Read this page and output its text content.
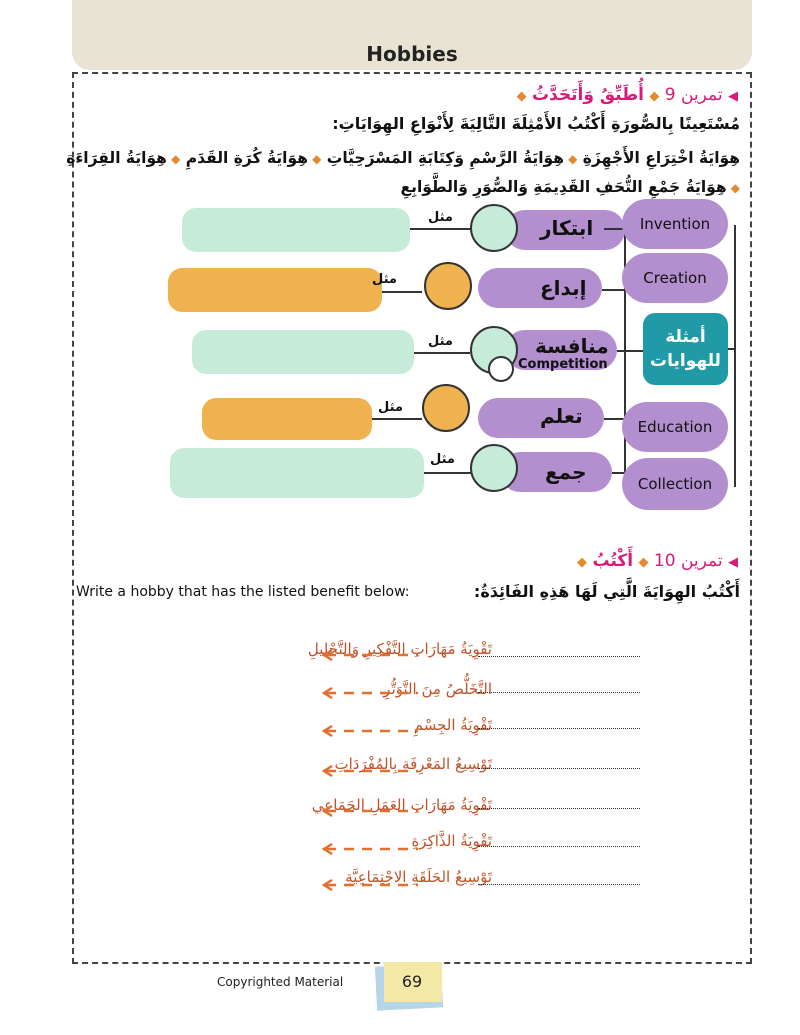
Hobbies
◀ تمرين 9 ◆ أُطَبِّقُ وَأَتَحَدَّثُ ◆
مُسْتَعِينًا بِالصُّورَةِ أَكْتُبُ الأَمْثِلَةَ التَّالِيَةَ لِأَنْوَاعِ الهِوَايَاتِ:
هِوَايَةُ اخْتِرَاعِ الأَجْهِزَةِ ◆ هِوَايَةُ الرَّسْمِ وَكِتَابَةِ المَسْرَحِيَّاتِ ◆ هِوَايَةُ كُرَةِ القَدَمِ ◆ هِوَايَةُ القِرَاءَةِ ◆ هِوَايَةُ جَمْعِ التُّحَفِ القَدِيمَةِ وَالصُّوَرِ وَالطَّوَابِعِ
مثل
مثل
مثل
مثل
مثل
ابتكار
إبداع
منافسة
Competition
تعلم
جمع
أمثلة
للهوايات
Invention
Creation
Education
Collection
◀ تمرين 10 ◆ أَكْتُبُ ◆
Write a hobby that has the listed benefit below:	أَكْتُبُ الهِوَايَةَ الَّتِي لَهَا هَذِهِ الفَائِدَةُ:
تَقْوِيَةُ مَهَارَاتِ التَّفْكِيرِ وَالتَّحْلِيلِ
التَّخَلُّصُ مِنَ التَّوَتُّرِ
تَقْوِيَةُ الجِسْمِ
تَوْسِيعُ المَعْرِفَةِ بِالمُفْرَدَاتِ
تَقْوِيَةُ مَهَارَاتِ العَمَلِ الجَمَاعِي
تَقْوِيَةُ الذَّاكِرَةِ
تَوْسِيعُ الحَلَقَةِ الاجْتِمَاعِيَّةِ
Copyrighted Material	69
